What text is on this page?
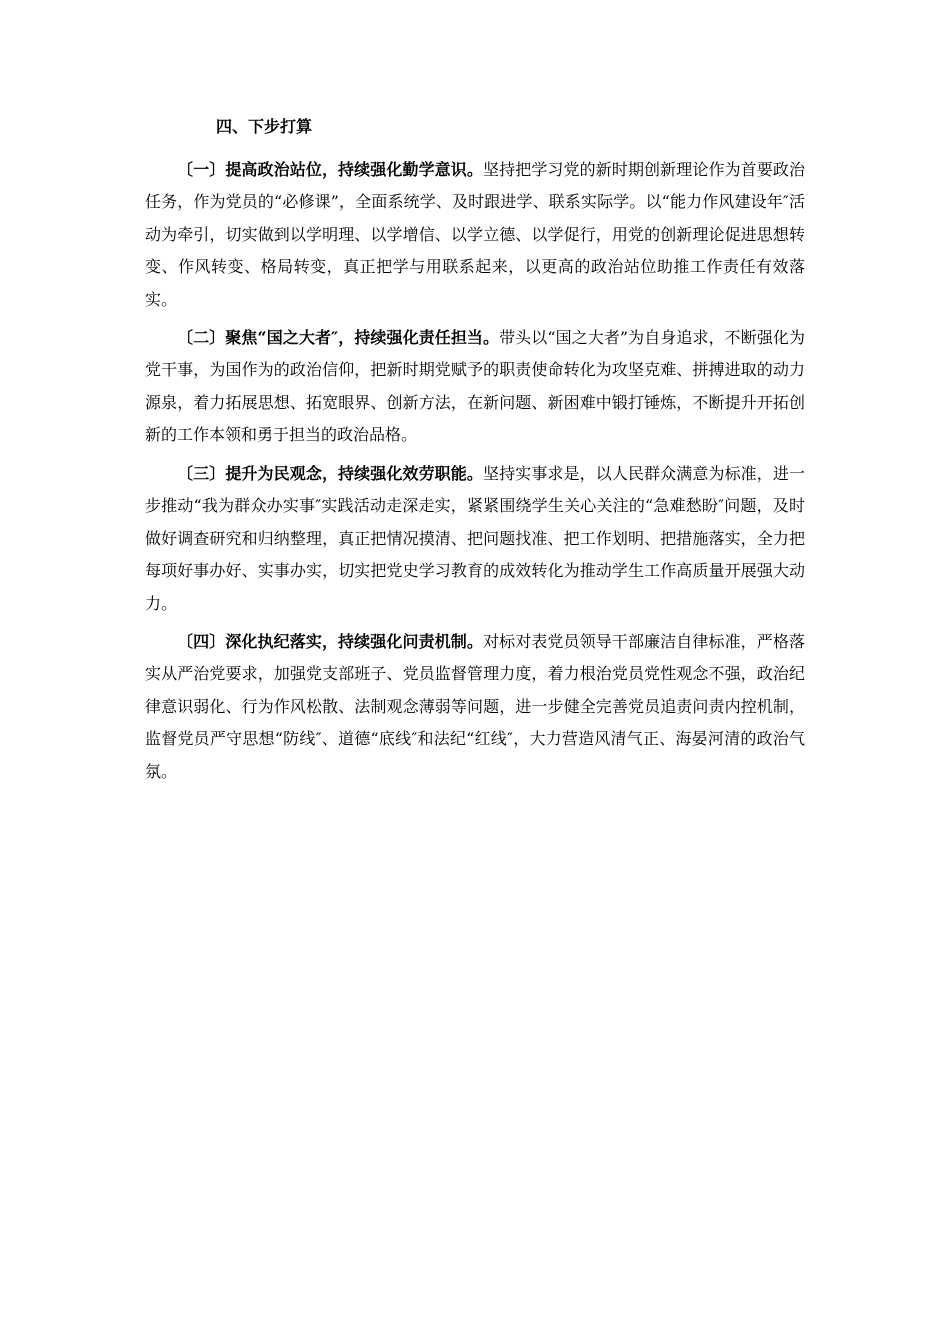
四、下步打算

〔一〕提高政治站位，持续强化勤学意识。坚持把学习党的新时期创新理论作为首要政治任务，作为党员的“必修课”，全面系统学、及时跟进学、联系实际学。以“能力作风建设年″活动为牵引，切实做到以学明理、以学增信、以学立德、以学促行，用党的创新理论促进思想转变、作风转变、格局转变，真正把学与用联系起来，以更高的政治站位助推工作责任有效落实。

〔二〕聚焦“国之大者″，持续强化责任担当。带头以“国之大者”为自身追求，不断强化为党干事，为国作为的政治信仰，把新时期党赋予的职责使命转化为攻坚克难、拼搏进取的动力源泉，着力拓展思想、拓宽眼界、创新方法，在新问题、新困难中锻打锤炼，不断提升开拓创新的工作本领和勇于担当的政治品格。

〔三〕提升为民观念，持续强化效劳职能。坚持实事求是，以人民群众满意为标准，进一步推动“我为群众办实事″实践活动走深走实，紧紧围绕学生关心关注的“急难愁盼″问题，及时做好调查研究和归纳整理，真正把情况摸清、把问题找准、把工作划明、把措施落实，全力把每项好事办好、实事办实，切实把党史学习教育的成效转化为推动学生工作高质量开展强大动力。

〔四〕深化执纪落实，持续强化问责机制。对标对表党员领导干部廉洁自律标准，严格落实从严治党要求，加强党支部班子、党员监督管理力度，着力根治党员党性观念不强，政治纪律意识弱化、行为作风松散、法制观念薄弱等问题，进一步健全完善党员追责问责内控机制，监督党员严守思想“防线″、道德“底线″和法纪“红线″，大力营造风清气正、海晏河清的政治气氛。
